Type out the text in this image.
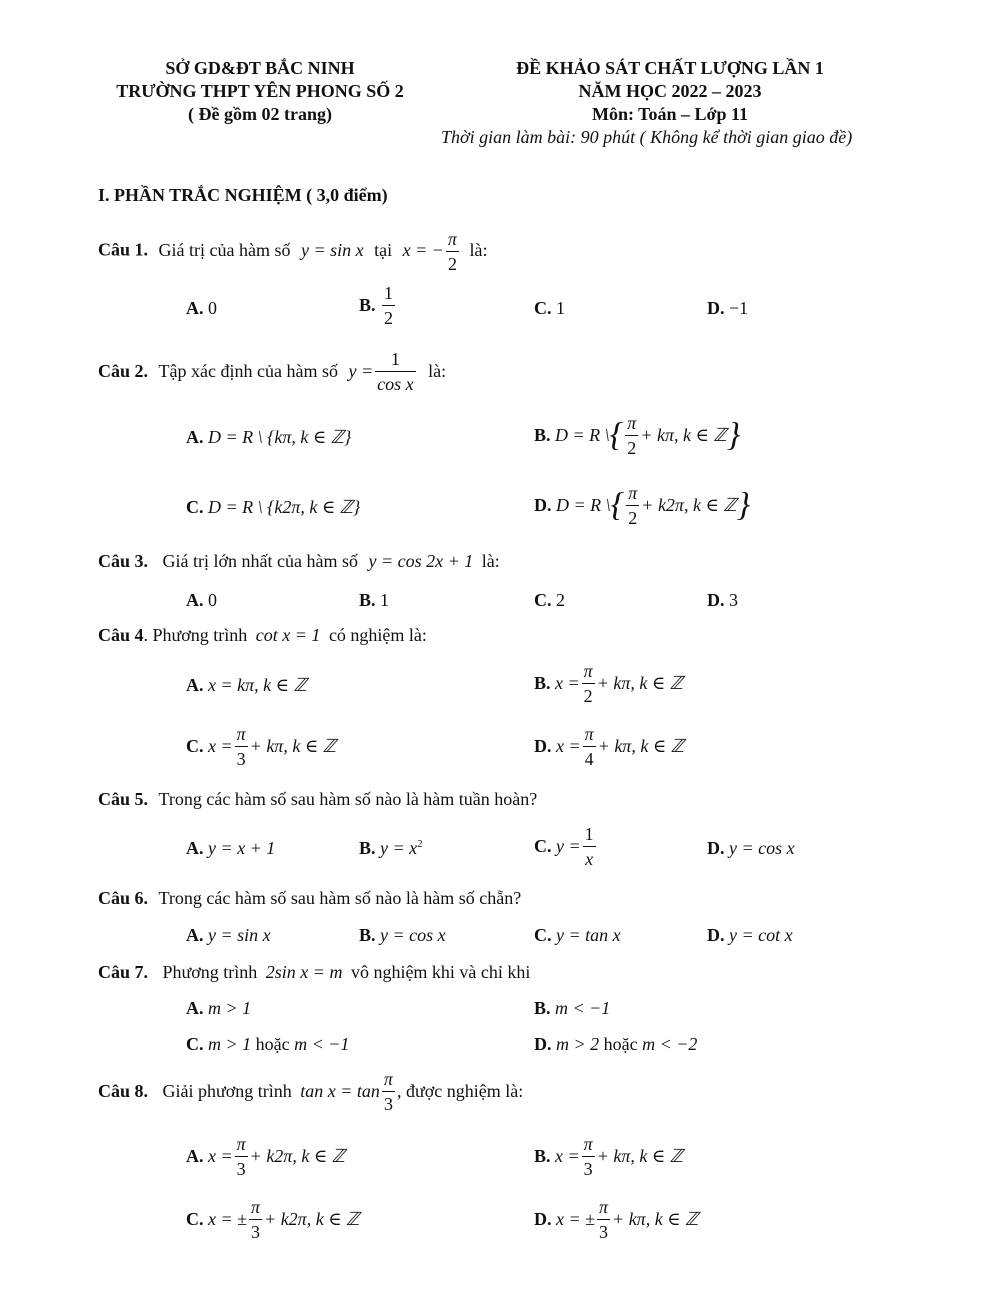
SỞ GD&ĐT BẮC NINH
TRƯỜNG THPT YÊN PHONG SỐ 2
( Đề gồm 02 trang)
ĐỀ KHẢO SÁT CHẤT LƯỢNG LẦN 1
NĂM HỌC 2022 – 2023
Môn: Toán – Lớp 11
Thời gian làm bài: 90 phút ( Không kể thời gian giao đề)
I. PHẦN TRẮC NGHIỆM ( 3,0 điểm)
Câu 1. Giá trị của hàm số y = sin x tại x = − $\frac{\pi}{2}$ là:
A. 0	B. $\frac{1}{2}$	C. 1	D. −1
Câu 2. Tập xác định của hàm số $y = \frac{1}{\text{cos x}}$ là:
A. D = R \ {kπ, k ∈ ℤ}	B. D = R \{ $\frac{\pi}{2} + k\pi$, k ∈ ℤ}
C. D = R \ {k2π, k ∈ ℤ}	D. D = R \{ $\frac{\pi}{2} + k2\pi$, k ∈ ℤ}
Câu 3. Giá trị lớn nhất của hàm số y = cos 2x + 1 là:
A. 0	B. 1	C. 2	D. 3
Câu 4. Phương trình cot x = 1 có nghiệm là:
A. x = kπ, k ∈ ℤ	B. $x = \frac{\pi}{2} + k\pi$, k ∈ ℤ
C. $x = \frac{\pi}{3} + k\pi$, k ∈ ℤ	D. $x = \frac{\pi}{4} + k\pi$, k ∈ ℤ
Câu 5. Trong các hàm số sau hàm số nào là hàm tuần hoàn?
A. y = x + 1	B. $y = x^2$	C. $y = \frac{1}{x}$	D. y = cos x
Câu 6. Trong các hàm số sau hàm số nào là hàm số chẵn?
A. y = sin x	B. y = cos x	C. y = tan x	D. y = cot x
Câu 7. Phương trình 2sin x = m vô nghiệm khi và chỉ khi
A. m > 1	B. m < −1
C. m > 1 hoặc m < −1	D. m > 2 hoặc m < −2
Câu 8. Giải phương trình $\tan x = \tan \frac{\pi}{3}$ , được nghiệm là:
A. $x = \frac{\pi}{3} + k2\pi$, k ∈ ℤ	B. $x = \frac{\pi}{3} + k\pi$, k ∈ ℤ
C. x = ± $\frac{\pi}{3} + k2\pi$, k ∈ ℤ	D. x = ± $\frac{\pi}{3} + k\pi$, k ∈ ℤ
